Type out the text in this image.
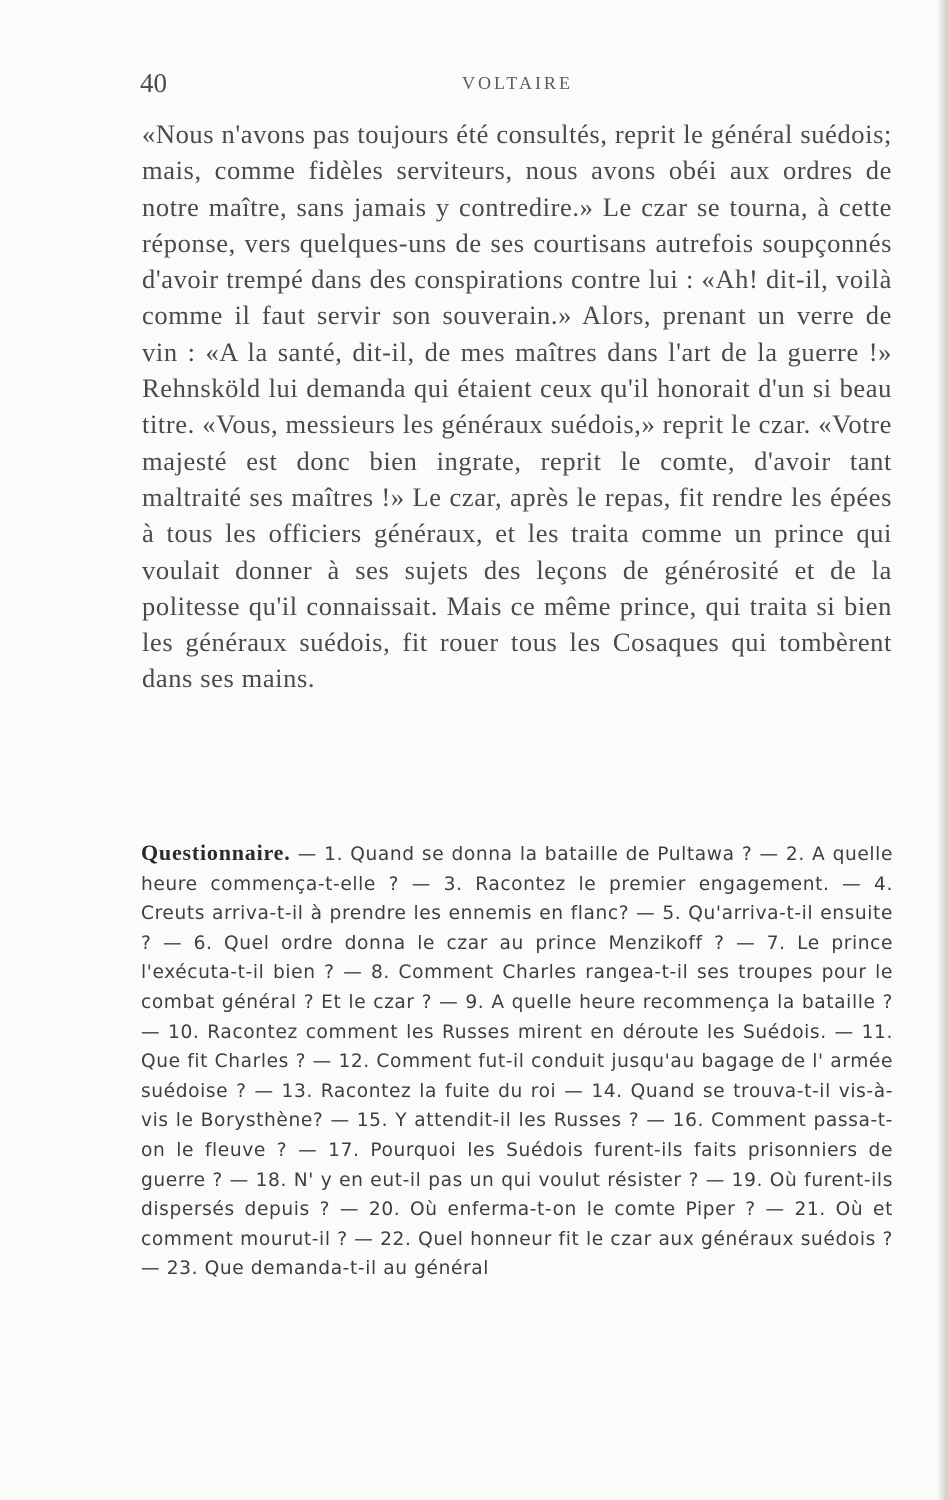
40	VOLTAIRE

«Nous n'avons pas toujours été consultés, reprit le général suédois; mais, comme fidèles serviteurs, nous avons obéi aux ordres de notre maître, sans jamais y contredire.» Le czar se tourna, à cette réponse, vers quelques-uns de ses courtisans autrefois soupçonnés d'avoir trempé dans des conspirations contre lui : «Ah! dit-il, voilà comme il faut servir son souverain.» Alors, prenant un verre de vin : «A la santé, dit-il, de mes maîtres dans l'art de la guerre !» Rehnsköld lui demanda qui étaient ceux qu'il honorait d'un si beau titre. «Vous, messieurs les généraux suédois,» reprit le czar. «Votre majesté est donc bien ingrate, reprit le comte, d'avoir tant maltraité ses maîtres !» Le czar, après le repas, fit rendre les épées à tous les officiers généraux, et les traita comme un prince qui voulait donner à ses sujets des leçons de générosité et de la politesse qu'il connaissait. Mais ce même prince, qui traita si bien les généraux suédois, fit rouer tous les Cosaques qui tombèrent dans ses mains.

Questionnaire. — 1. Quand se donna la bataille de Pultawa ? — 2. A quelle heure commença-t-elle ? — 3. Racontez le premier engagement. — 4. Creuts arriva-t-il à prendre les ennemis en flanc? — 5. Qu'arriva-t-il ensuite ? — 6. Quel ordre donna le czar au prince Menzikoff ? — 7. Le prince l'exécuta-t-il bien ? — 8. Comment Charles rangea-t-il ses troupes pour le combat général ? Et le czar ? — 9. A quelle heure recommença la bataille ? — 10. Racontez comment les Russes mirent en déroute les Suédois. — 11. Que fit Charles ? — 12. Comment fut-il conduit jusqu'au bagage de l' armée suédoise ? — 13. Racontez la fuite du roi — 14. Quand se trouva-t-il vis-à-vis le Borysthène? — 15. Y attendit-il les Russes ? — 16. Comment passa-t-on le fleuve ? — 17. Pourquoi les Suédois furent-ils faits prisonniers de guerre ? — 18. N' y en eut-il pas un qui voulut résister ? — 19. Où furent-ils dispersés depuis ? — 20. Où enferma-t-on le comte Piper ? — 21. Où et comment mourut-il ? — 22. Quel honneur fit le czar aux généraux suédois ? — 23. Que demanda-t-il au général
